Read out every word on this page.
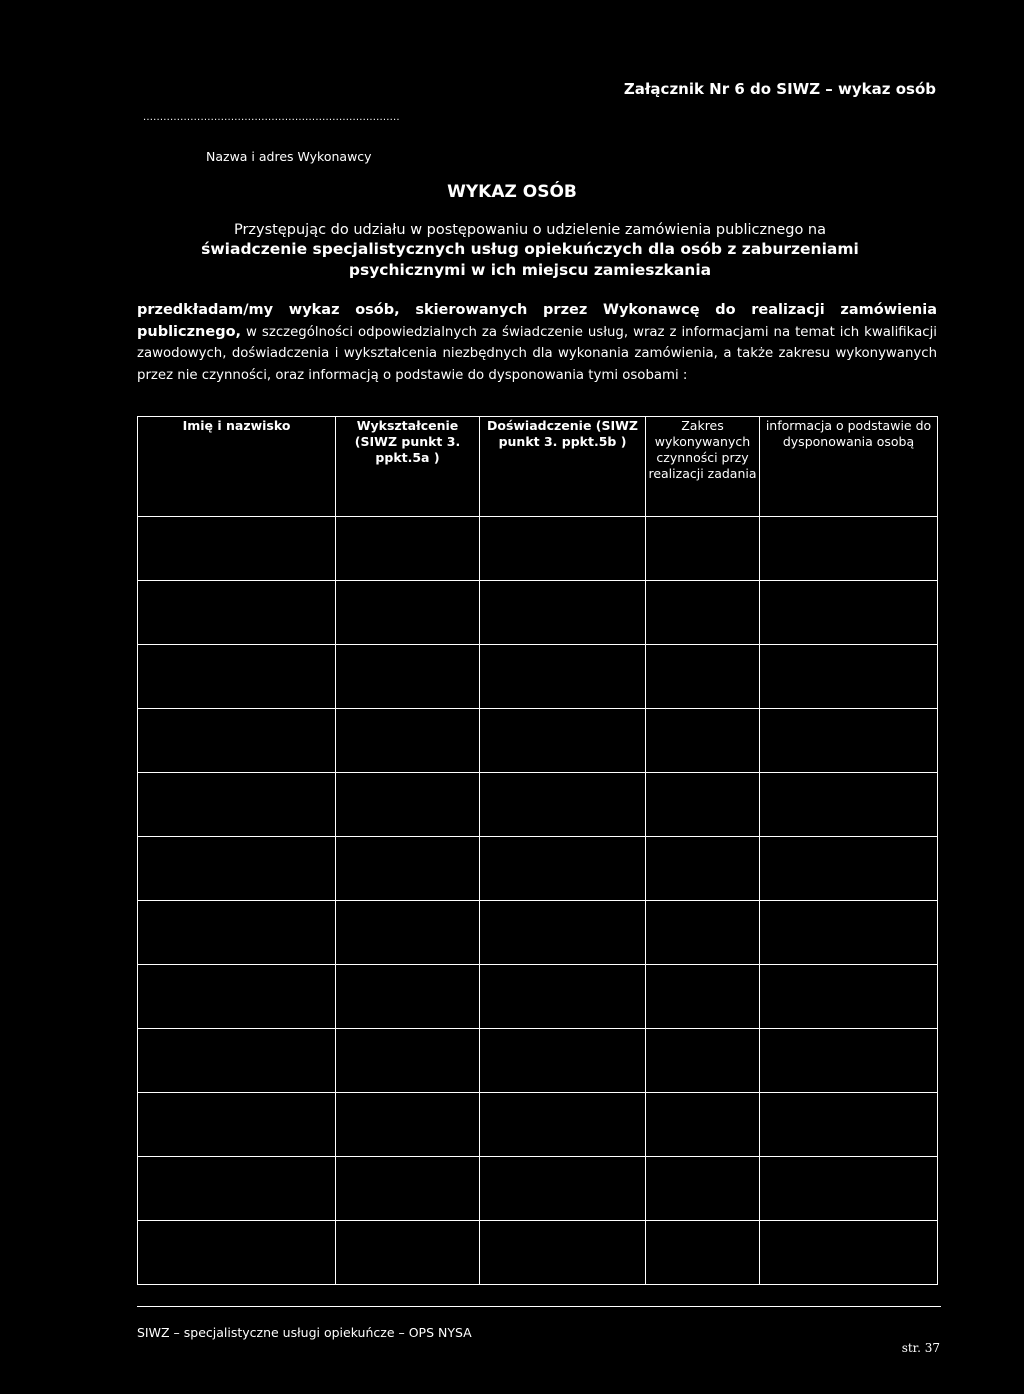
Załącznik Nr 6 do SIWZ – wykaz osób
............................................................................
Nazwa i adres Wykonawcy
WYKAZ OSÓB
Przystępując do udziału w postępowaniu o udzielenie zamówienia publicznego na
świadczenie specjalistycznych usług opiekuńczych dla osób z zaburzeniami
psychicznymi w ich miejscu zamieszkania
przedkładam/my wykaz osób, skierowanych przez Wykonawcę do realizacji zamówienia publicznego, w szczególności odpowiedzialnych za świadczenie usług, wraz z informacjami na temat ich kwalifikacji zawodowych, doświadczenia i wykształcenia niezbędnych dla wykonania zamówienia, a także zakresu wykonywanych przez nie czynności, oraz informacją o podstawie do dysponowania tymi osobami :
Imię i nazwisko	Wykształcenie (SIWZ punkt 3. ppkt.5a )	Doświadczenie (SIWZ punkt 3. ppkt.5b )	Zakres wykonywanych czynności przy realizacji zadania	informacja o podstawie do dysponowania osobą

SIWZ – specjalistyczne usługi opiekuńcze – OPS NYSA
str. 37
